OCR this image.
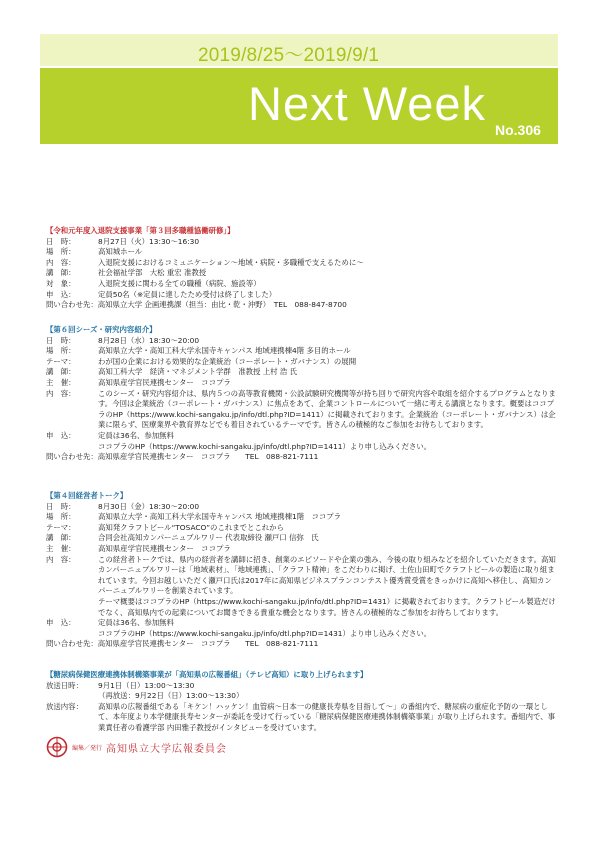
2019/8/25～2019/9/1
Next Week No.306
【令和元年度入退院支援事業「第３回多職種協働研修」】
日　時：	8月27日（火）13:30～16:30
場　所：	高知城ホール
内　容：	入退院支援におけるコミュニケーション～地域・病院・多職種で支えるために～
講　師：	社会福祉学部　大松 重宏 准教授
対　象：	入退院支援に関わる全ての職種（病院、施設等）
申　込：	定員50名（※定員に達したため受付は終了しました）
問い合わせ先： 高知県立大学 企画連携課（担当：由比・乾・沖野）　TEL　088-847-8700
【第６回シーズ・研究内容紹介】
日　時：	8月28日（水）18:30～20:00
場　所：	高知県立大学・高知工科大学永国寺キャンパス 地域連携棟4階 多目的ホール
テーマ：	わが国の企業における効果的な企業統治（コーポレート・ガバナンス）の展開
講　師：	高知工科大学　経済・マネジメント学群　准教授 上村 浩 氏
主　催：	高知県産学官民連携センター　ココプラ
内　容：	このシーズ・研究内容紹介は、県内５つの高等教育機関・公設試験研究機関等が持ち回りで研究内容や取組を紹介するプログラムとなります。今回は企業統治（コーポレート・ガバナンス）に焦点をあて、企業コントロールについて一緒に考える講演となります。概要はココプラのHP（https://www.kochi-sangaku.jp/info/dtl.php?ID=1411）に掲載されております。企業統治（コーポレート・ガバナンス）は企業に限らず、医療業界や教育界などでも着目されているテーマです。皆さんの積極的なご参加をお待ちしております。
申　込：	定員は36名、参加無料
ココプラのHP（https://www.kochi-sangaku.jp/info/dtl.php?ID=1411）より申し込みください。
問い合わせ先： 高知県産学官民連携センター　ココプラ　　TEL　088-821-7111
【第４回経営者トーク】
日　時：	8月30日（金）18:30～20:00
場　所：	高知県立大学・高知工科大学永国寺キャンパス 地域連携棟1階　ココプラ
テーマ：	高知発クラフトビール“TOSACO”のこれまでとこれから
講　師：	合同会社高知カンパーニュブルワリー 代表取締役 瀬戸口 信弥　氏
主　催：	高知県産学官民連携センター　ココプラ
内　容：	この経営者トークでは、県内の経営者を講師に招き、創業のエピソードや企業の強み、今後の取り組みなどを紹介していただきます。高知カンパーニュブルワリーは「地域素材」、「地域連携」、「クラフト精神」をこだわりに掲げ、土佐山田町でクラフトビールの製造に取り組まれています。今回お越しいただく瀬戸口氏は2017年に高知県ビジネスプランコンテスト優秀賞受賞をきっかけに高知へ移住し、高知カンパーニュブルワリーを創業されています。
テーマ概要はココプラのHP（https://www.kochi-sangaku.jp/info/dtl.php?ID=1431）に掲載されております。クラフトビール製造だけでなく、高知県内での起業についてお聞きできる貴重な機会となります。皆さんの積極的なご参加をお待ちしております。
申　込：	定員は36名、参加無料
ココプラのHP（https://www.kochi-sangaku.jp/info/dtl.php?ID=1431）より申し込みください。
問い合わせ先： 高知県産学官民連携センター　ココプラ　　TEL　088-821-7111
【糖尿病保健医療連携体制構築事業が「高知県の広報番組」（テレビ高知）に取り上げられます】
放送日時：	9月1日（日）13:00～13:30
（再放送：9月22日（日）13:00～13:30）
放送内容：	高知県の広報番組である「キケン！ハッケン！血管病～日本一の健康長寿県を目指して～」の番組内で、糖尿病の重症化予防の一環として、本年度より本学健康長寿センターが委託を受けて行っている「糖尿病保健医療連携体制構築事業」が取り上げられます。番組内で、事業責任者の看護学部 内田雅子教授がインタビューを受けています。
編集／発行 高知県立大学広報委員会
